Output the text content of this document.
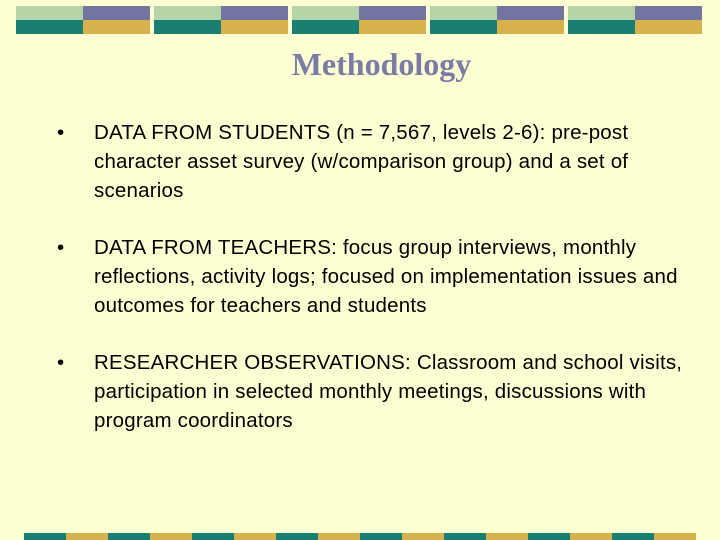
Methodology
•	DATA FROM STUDENTS (n = 7,567, levels 2-6): pre-post character asset survey (w/comparison group) and a set of scenarios
•	DATA FROM TEACHERS: focus group interviews, monthly reflections, activity logs; focused on implementation issues and outcomes for teachers and students
•	RESEARCHER OBSERVATIONS: Classroom and school visits, participation in selected monthly meetings, discussions with program coordinators
